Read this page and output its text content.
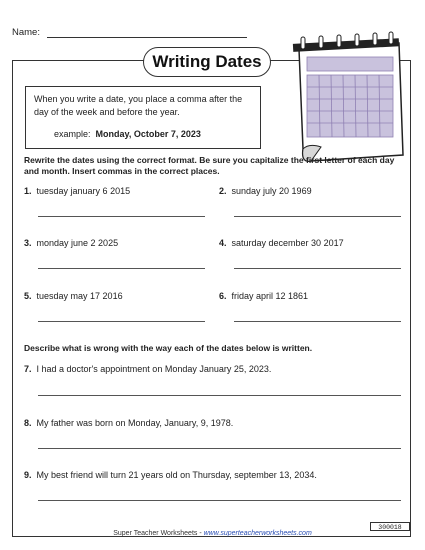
Name:
Writing Dates
When you write a date, you place a comma after the day of the week and before the year.
example: Monday, October 7, 2023
Rewrite the dates using the correct format. Be sure you capitalize the first letter of each day and month. Insert commas in the correct places.
1. tuesday january 6 2015	2. sunday july 20 1969
3. monday june 2 2025	4. saturday december 30 2017
5. tuesday may 17 2016	6. friday april 12 1861
Describe what is wrong with the way each of the dates below is written.
7. I had a doctor's appointment on Monday January 25, 2023.
8. My father was born on Monday, January, 9, 1978.
9. My best friend will turn 21 years old on Thursday, september 13, 2034.
Super Teacher Worksheets - www.superteacherworksheets.com
300018
